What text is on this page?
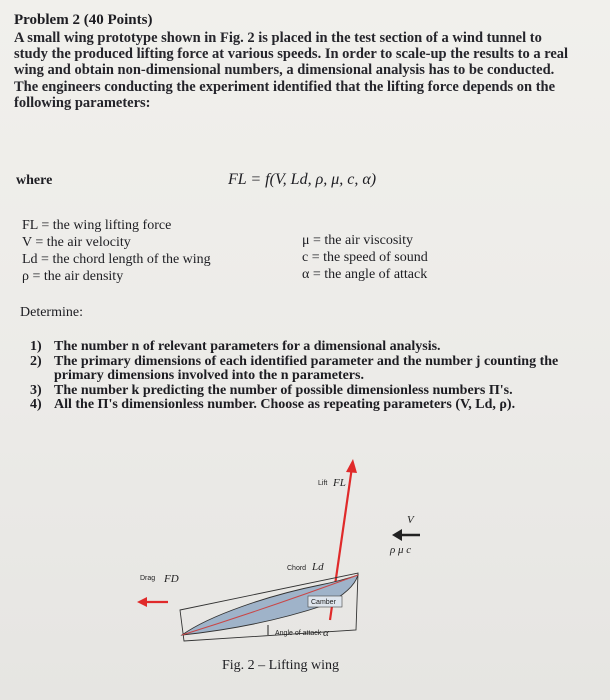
Problem 2 (40 Points)
A small wing prototype shown in Fig. 2 is placed in the test section of a wind tunnel to
study the produced lifting force at various speeds. In order to scale-up the results to a real
wing and obtain non-dimensional numbers, a dimensional analysis has to be conducted.
The engineers conducting the experiment identified that the lifting force depends on the
following parameters:
where	FL = f(V, Ld, ρ, μ, c, α)
FL = the wing lifting force
V = the air velocity
Ld = the chord length of the wing
ρ = the air density
μ = the air viscosity
c = the speed of sound
α = the angle of attack
Determine:
1) The number n of relevant parameters for a dimensional analysis.
2) The primary dimensions of each identified parameter and the number j counting the primary dimensions involved into the n parameters.
3) The number k predicting the number of possible dimensionless numbers Π's.
4) All the Π's dimensionless number. Choose as repeating parameters (V, Ld, ρ).
Lift FL
V
ρ μ c
Chord Ld
Drag FD
Camber
Angle of attack α
Fig. 2 – Lifting wing
